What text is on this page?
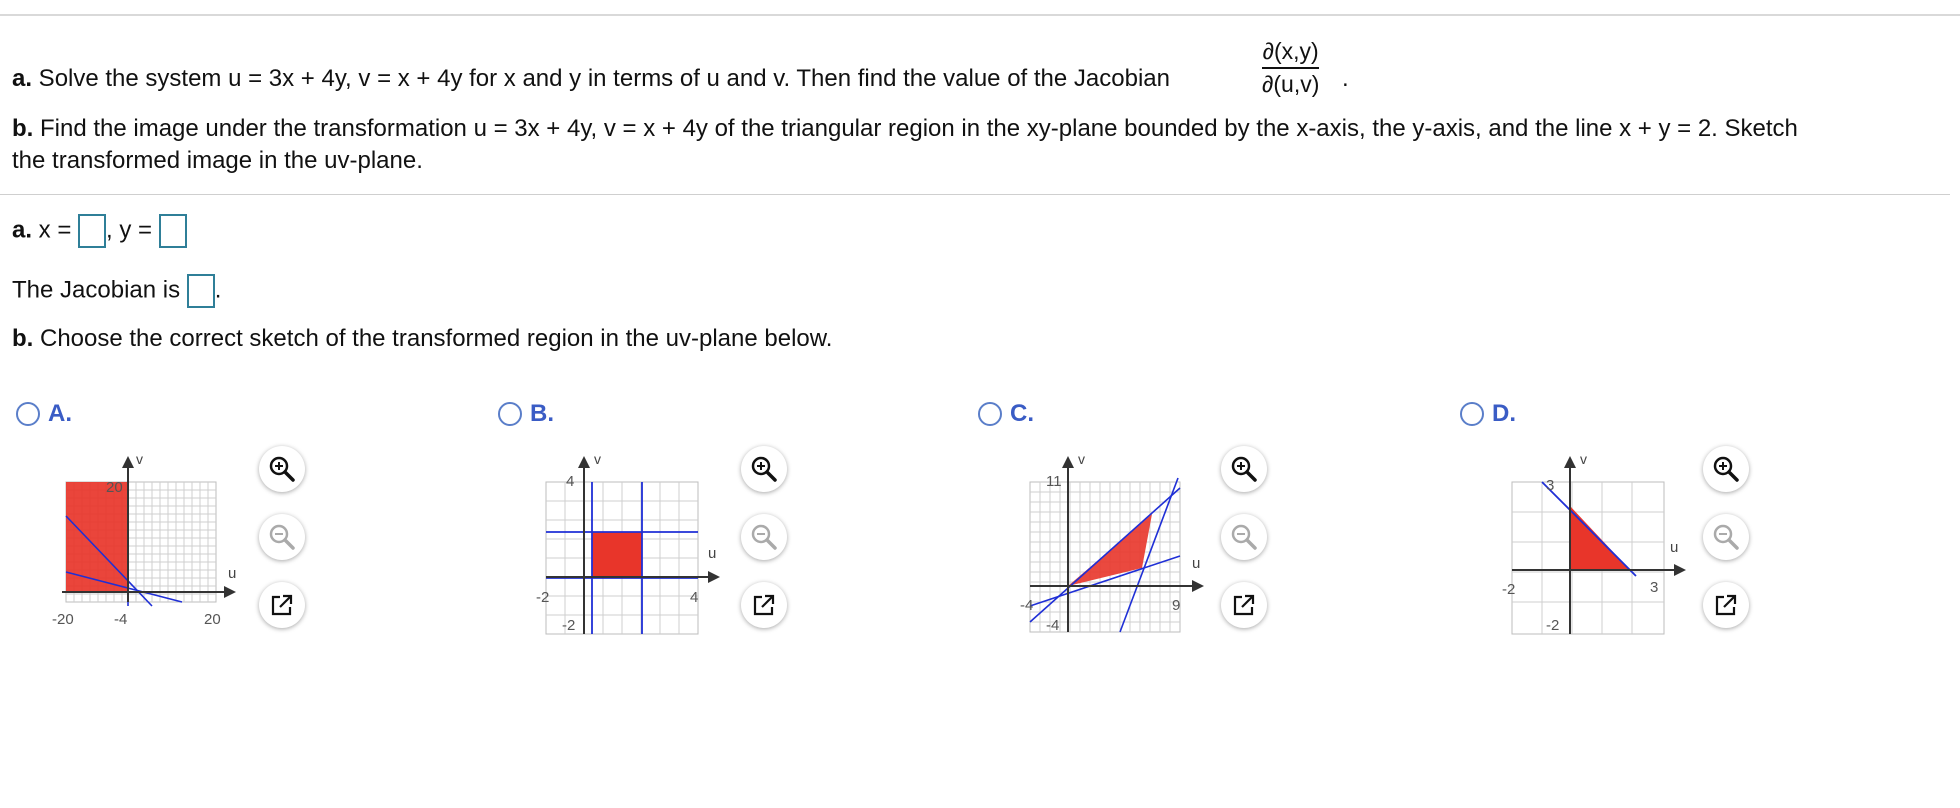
a. Solve the system u = 3x + 4y, v = x + 4y for x and y in terms of u and v. Then find the value of the Jacobian
∂(x,y)
∂(u,v) .
b. Find the image under the transformation u = 3x + 4y, v = x + 4y of the triangular region in the xy-plane bounded by the x-axis, the y-axis, and the line x + y = 2. Sketch
the transformed image in the uv-plane.
a. x = , y =
The Jacobian is .
b. Choose the correct sketch of the transformed region in the uv-plane below.
A.	B.	C.	D.
v
u
20
-20	-4	20
v
u
4
-2	4
-2
v
u
11
-4	9
-4
v
u
3
-2	3
-2
